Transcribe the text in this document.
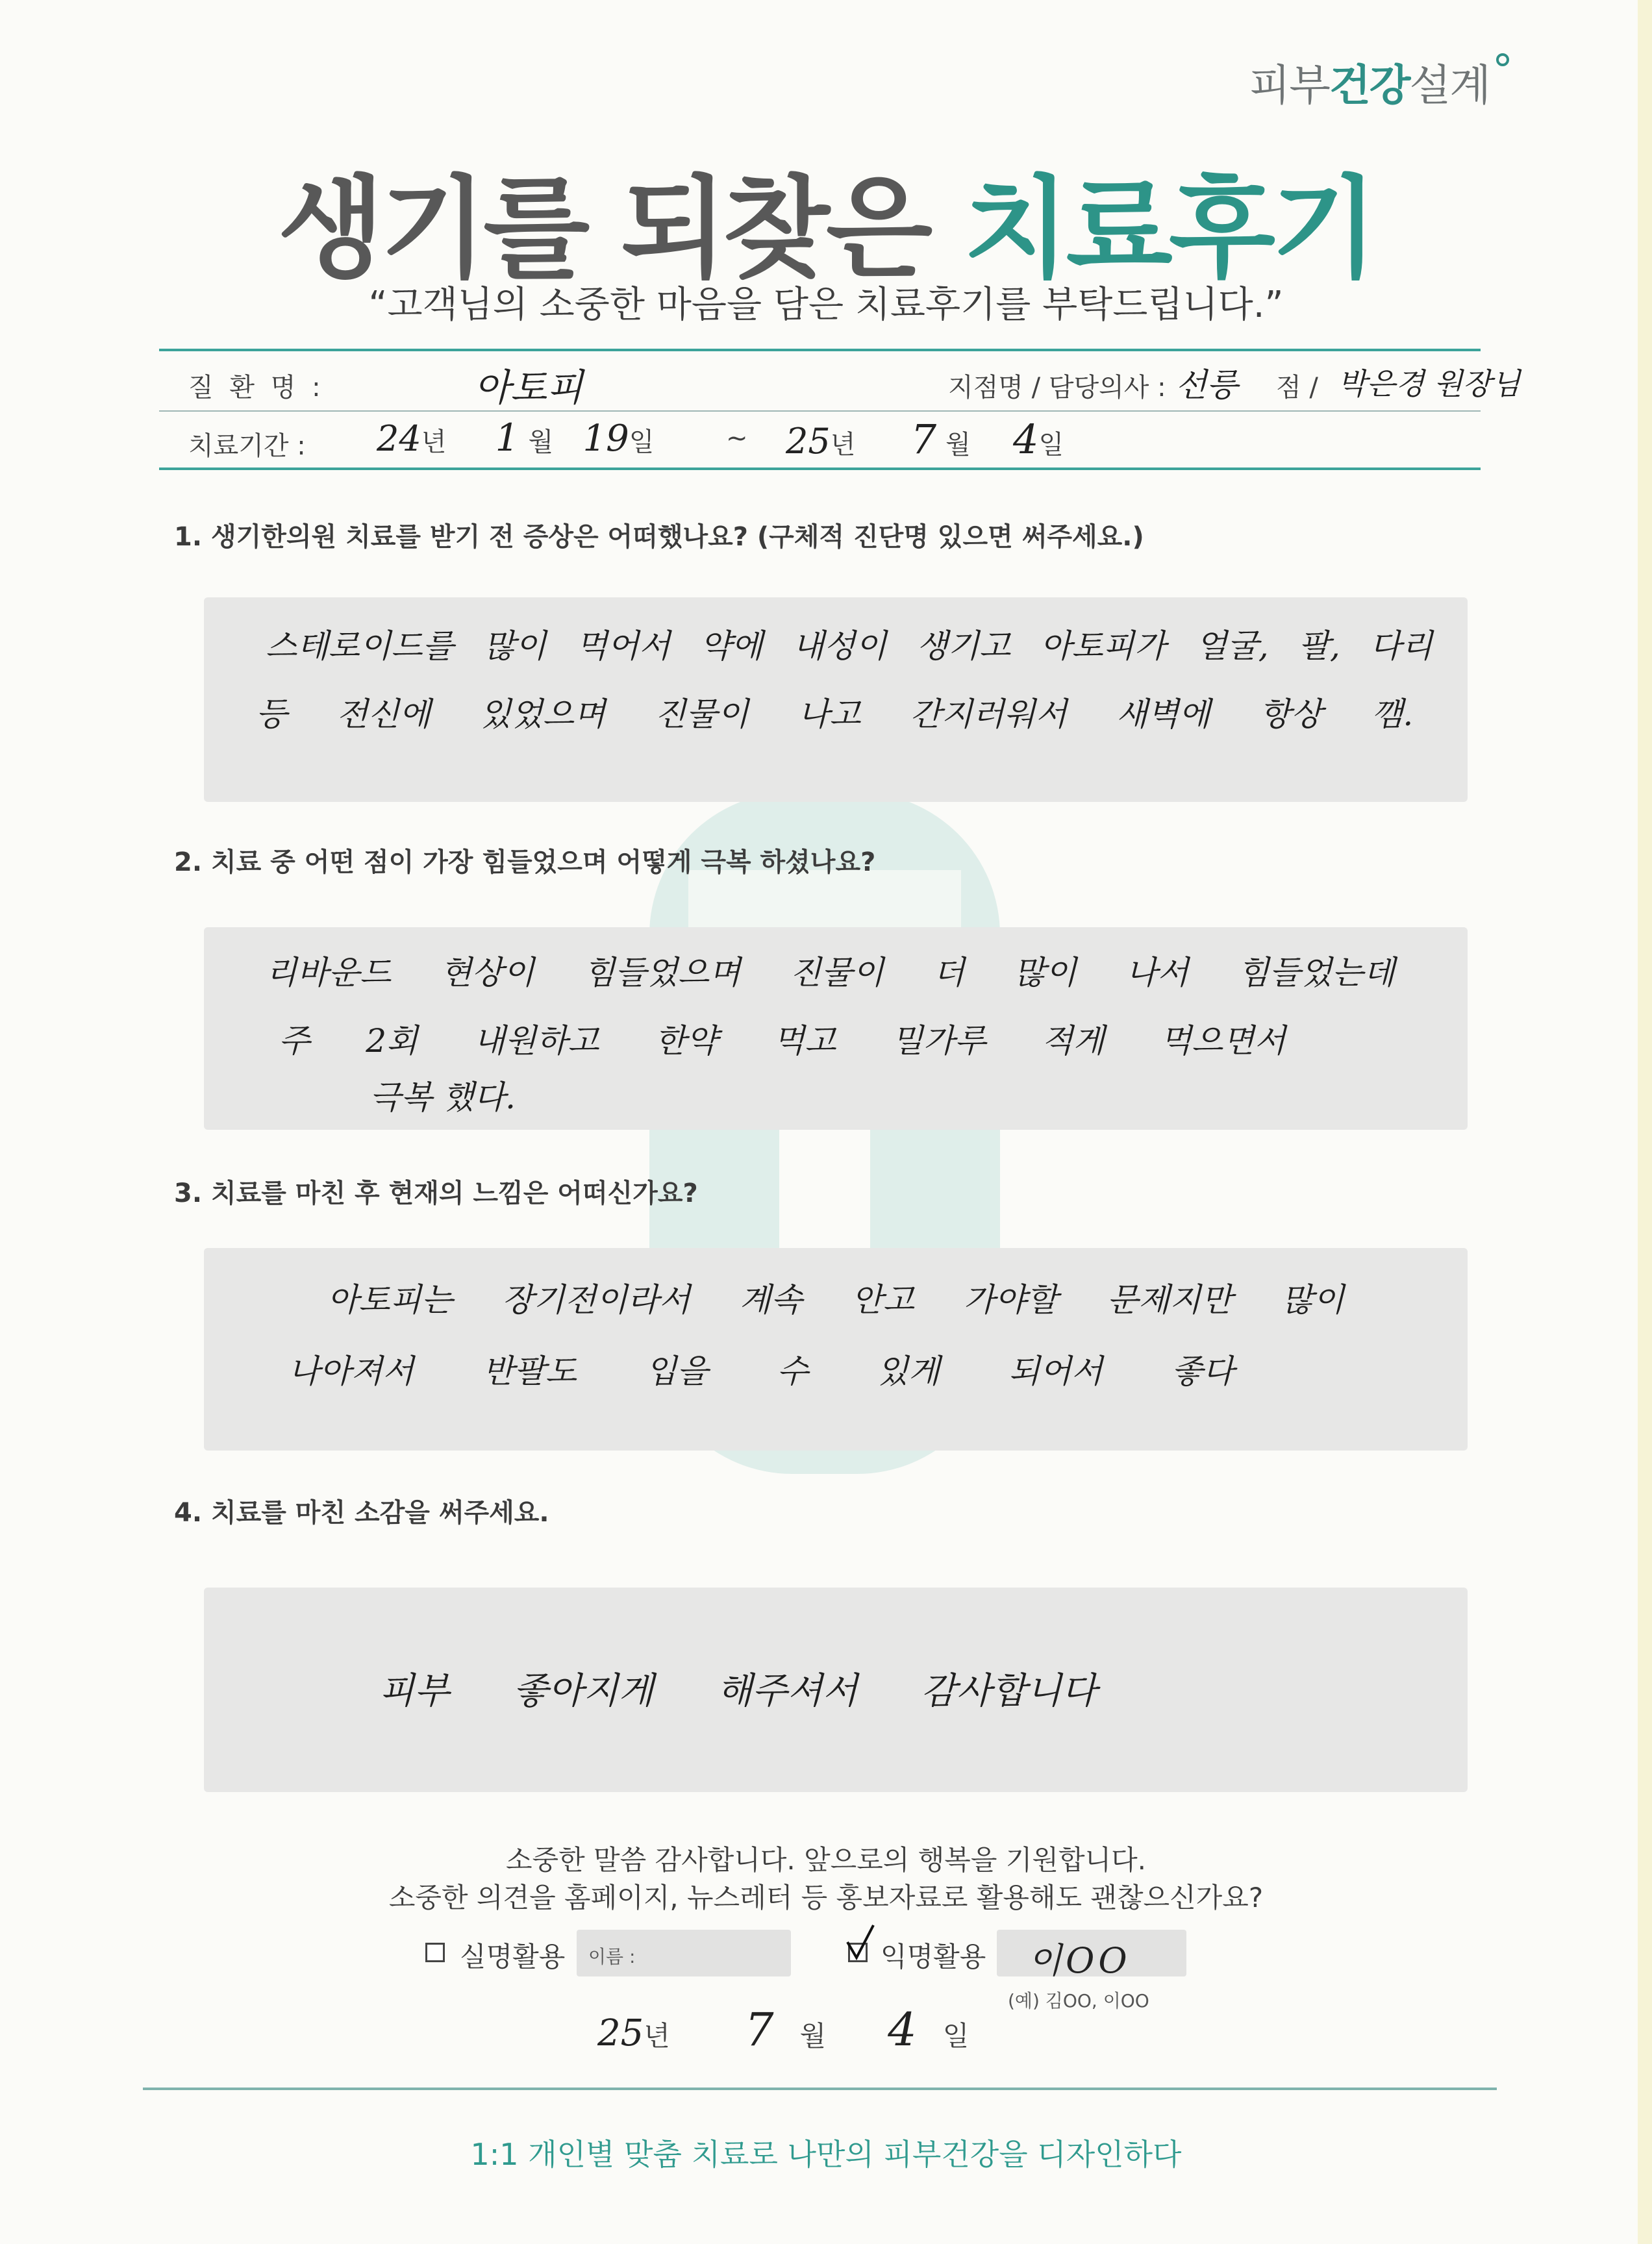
피부건강설계
생기를 되찾은 치료후기
“고객님의 소중한 마음을 담은 치료후기를 부탁드립니다.”
질 환 명 :	아토피	지점명 / 담당의사 : 선릉 점 / 박은경 원장님
치료기간 : 24년 1 월 19일	~ 25년 7 월 4일
1. 생기한의원 치료를 받기 전 증상은 어떠했나요? (구체적 진단명 있으면 써주세요.)
스테로이드를 많이 먹어서 약에 내성이 생기고 아토피가 얼굴, 팔, 다리
등 전신에 있었으며 진물이 나고 간지러워서 새벽에 항상 깸.
2. 치료 중 어떤 점이 가장 힘들었으며 어떻게 극복 하셨나요?
리바운드 현상이 힘들었으며 진물이 더 많이 나서 힘들었는데
주 2회 내원하고 한약 먹고 밀가루 적게 먹으면서
극복 했다.
3. 치료를 마친 후 현재의 느낌은 어떠신가요?
아토피는 장기전이라서 계속 안고 가야할 문제지만 많이
나아져서 반팔도 입을 수 있게 되어서 좋다
4. 치료를 마친 소감을 써주세요.
피부 좋아지게 해주셔서 감사합니다
소중한 말씀 감사합니다. 앞으로의 행복을 기원합니다.
소중한 의견을 홈페이지, 뉴스레터 등 홍보자료로 활용해도 괜찮으신가요?
실명활용 이름 :	익명활용 이OO
(예) 김OO, 이OO
25년 7 월 4 일
1:1 개인별 맞춤 치료로 나만의 피부건강을 디자인하다
